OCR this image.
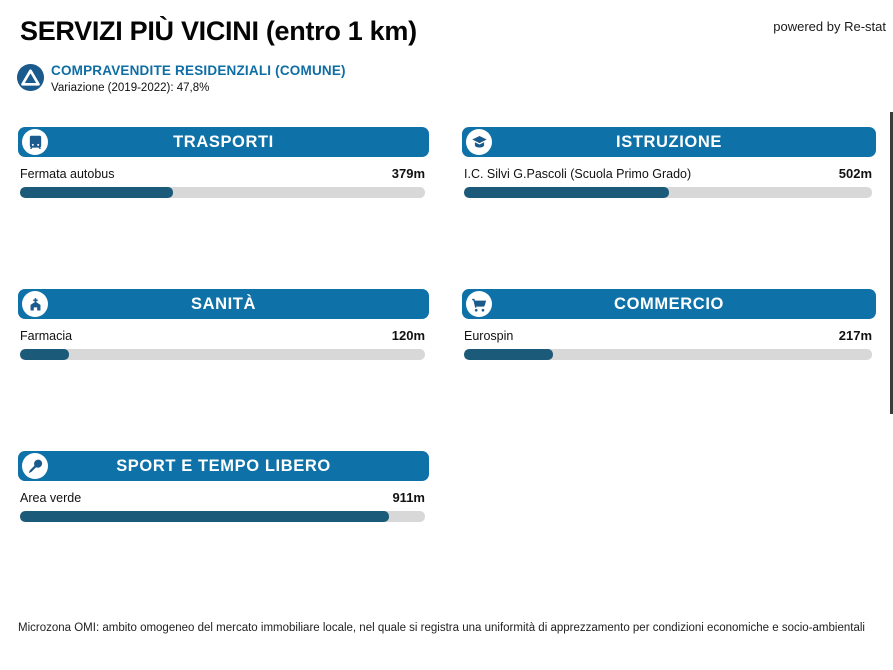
SERVIZI PIÙ VICINI (entro 1 km)	powered by Re-stat
COMPRAVENDITE RESIDENZIALI (COMUNE)
Variazione (2019-2022): 47,8%
TRASPORTI
Fermata autobus	379m
ISTRUZIONE
I.C. Silvi G.Pascoli (Scuola Primo Grado)	502m
SANITÀ
Farmacia	120m
COMMERCIO
Eurospin	217m
SPORT E TEMPO LIBERO
Area verde	911m
Microzona OMI: ambito omogeneo del mercato immobiliare locale, nel quale si registra una uniformità di apprezzamento per condizioni economiche e socio-ambientali
